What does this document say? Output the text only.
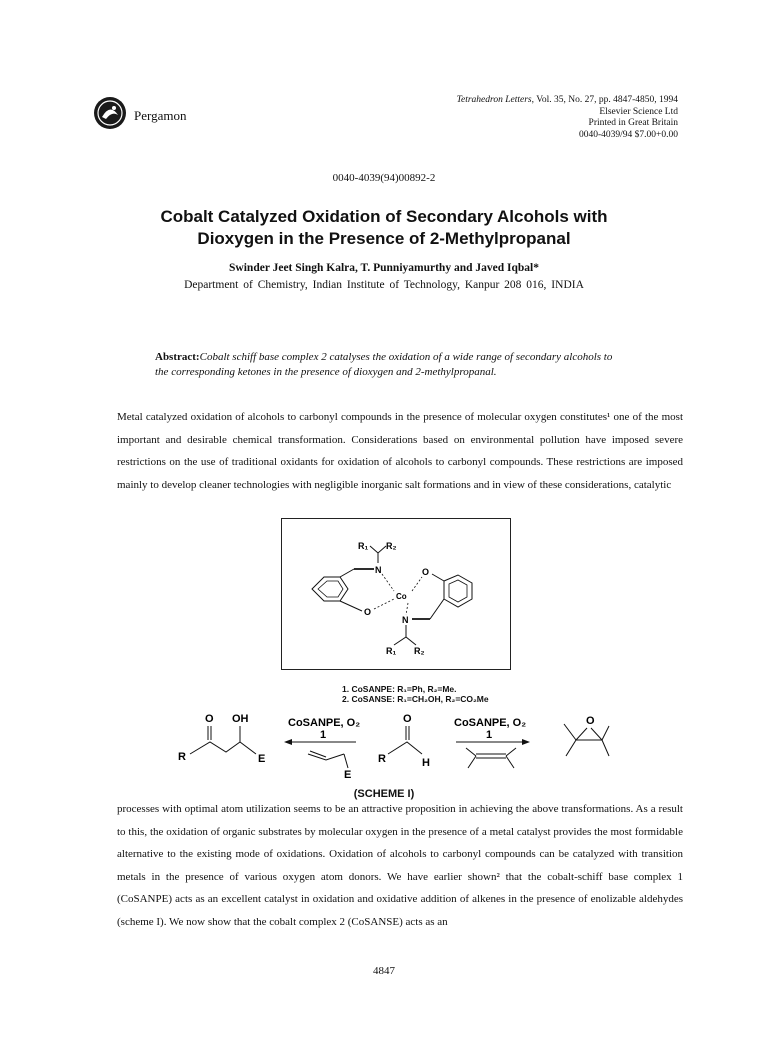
Pergamon
Tetrahedron Letters, Vol. 35, No. 27, pp. 4847-4850, 1994
Elsevier Science Ltd
Printed in Great Britain
0040-4039/94 $7.00+0.00
0040-4039(94)00892-2
Cobalt Catalyzed Oxidation of Secondary Alcohols with
Dioxygen in the Presence of 2-Methylpropanal
Swinder Jeet Singh Kalra, T. Punniyamurthy and Javed Iqbal*
Department of Chemistry, Indian Institute of Technology, Kanpur 208 016, INDIA
Abstract:Cobalt schiff base complex 2 catalyses the oxidation of a wide range of secondary alcohols to the corresponding ketones in the presence of dioxygen and 2-methylpropanal.

Metal catalyzed oxidation of alcohols to carbonyl compounds in the presence of molecular oxygen constitutes¹ one of the most important and desirable chemical transformation. Considerations based on environmental pollution have imposed severe restrictions on the use of traditional oxidants for oxidation of alcohols to carbonyl compounds. These restrictions are imposed mainly to develop cleaner technologies with negligible inorganic salt formations and in view of these considerations, catalytic

R₁ R₂
N
O
Co
O
N
R₁ R₂
1. CoSANPE: R₁=Ph, R₂=Me.
2. CoSANSE: R₁=CH₂OH, R₂=CO₂Me
O OH
R	E
CoSANPE, O₂
1
E
O
R	H
CoSANPE, O₂
1
O
(SCHEME I)

processes with optimal atom utilization seems to be an attractive proposition in achieving the above transformations. As a result to this, the oxidation of organic substrates by molecular oxygen in the presence of a metal catalyst provides the most formidable alternative to the existing mode of oxidations. Oxidation of alcohols to carbonyl compounds can be catalyzed with transition metals in the presence of various oxygen atom donors. We have earlier shown² that the cobalt-schiff base complex 1 (CoSANPE) acts as an excellent catalyst in oxidation and oxidative addition of alkenes in the presence of enolizable aldehydes (scheme I). We now show that the cobalt complex 2 (CoSANSE) acts as an

4847
